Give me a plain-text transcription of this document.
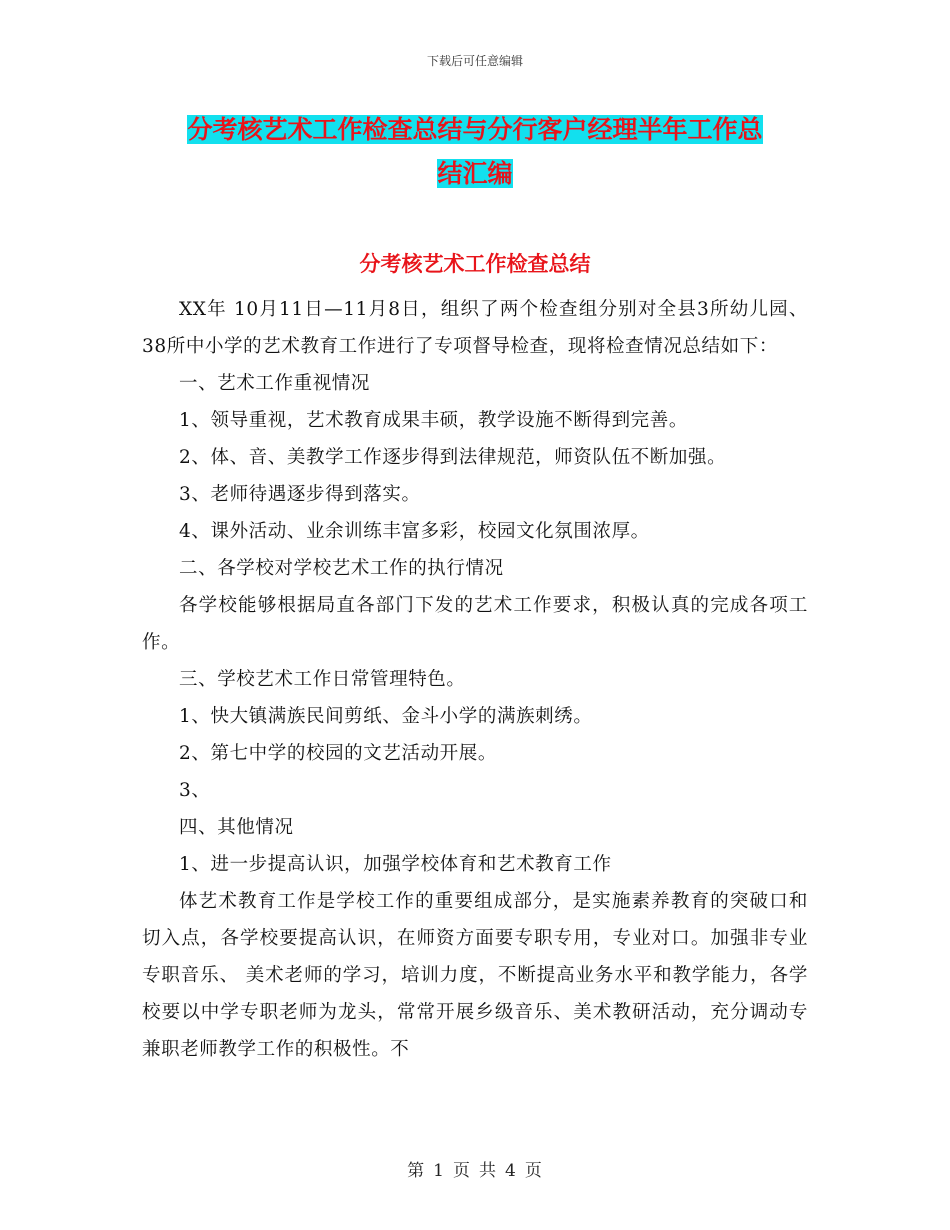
下载后可任意编辑
分考核艺术工作检查总结与分行客户经理半年工作总
结汇编
分考核艺术工作检查总结

XX年 10月11日—11月8日，组织了两个检查组分别对全县3所幼儿园、38所中小学的艺术教育工作进行了专项督导检查，现将检查情况总结如下：

一、艺术工作重视情况

1、领导重视，艺术教育成果丰硕，教学设施不断得到完善。

2、体、音、美教学工作逐步得到法律规范，师资队伍不断加强。

3、老师待遇逐步得到落实。

4、课外活动、业余训练丰富多彩，校园文化氛围浓厚。

二、各学校对学校艺术工作的执行情况

各学校能够根据局直各部门下发的艺术工作要求，积极认真的完成各项工作。

三、学校艺术工作日常管理特色。

1、快大镇满族民间剪纸、金斗小学的满族刺绣。

2、第七中学的校园的文艺活动开展。

3、

四、其他情况

1、进一步提高认识，加强学校体育和艺术教育工作

体艺术教育工作是学校工作的重要组成部分，是实施素养教育的突破口和切入点，各学校要提高认识，在师资方面要专职专用，专业对口。加强非专业专职音乐、 美术老师的学习，培训力度，不断提高业务水平和教学能力，各学校要以中学专职老师为龙头，常常开展乡级音乐、美术教研活动，充分调动专兼职老师教学工作的积极性。不

第 1 页 共 4 页
